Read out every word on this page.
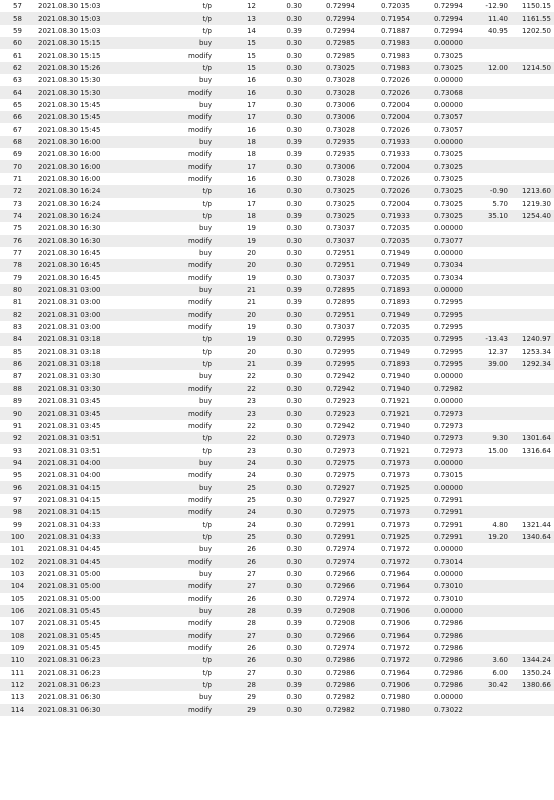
57	2021.08.30 15:03	t/p	12	0.30	0.72994	0.72035	0.72994	-12.90	1150.15
58	2021.08.30 15:03	t/p	13	0.30	0.72994	0.71954	0.72994	11.40	1161.55
59	2021.08.30 15:03	t/p	14	0.39	0.72994	0.71887	0.72994	40.95	1202.50
60	2021.08.30 15:15	buy	15	0.30	0.72985	0.71983	0.00000		
61	2021.08.30 15:15	modify	15	0.30	0.72985	0.71983	0.73025		
62	2021.08.30 15:26	t/p	15	0.30	0.73025	0.71983	0.73025	12.00	1214.50
63	2021.08.30 15:30	buy	16	0.30	0.73028	0.72026	0.00000		
64	2021.08.30 15:30	modify	16	0.30	0.73028	0.72026	0.73068		
65	2021.08.30 15:45	buy	17	0.30	0.73006	0.72004	0.00000		
66	2021.08.30 15:45	modify	17	0.30	0.73006	0.72004	0.73057		
67	2021.08.30 15:45	modify	16	0.30	0.73028	0.72026	0.73057		
68	2021.08.30 16:00	buy	18	0.39	0.72935	0.71933	0.00000		
69	2021.08.30 16:00	modify	18	0.39	0.72935	0.71933	0.73025		
70	2021.08.30 16:00	modify	17	0.30	0.73006	0.72004	0.73025		
71	2021.08.30 16:00	modify	16	0.30	0.73028	0.72026	0.73025		
72	2021.08.30 16:24	t/p	16	0.30	0.73025	0.72026	0.73025	-0.90	1213.60
73	2021.08.30 16:24	t/p	17	0.30	0.73025	0.72004	0.73025	5.70	1219.30
74	2021.08.30 16:24	t/p	18	0.39	0.73025	0.71933	0.73025	35.10	1254.40
75	2021.08.30 16:30	buy	19	0.30	0.73037	0.72035	0.00000		
76	2021.08.30 16:30	modify	19	0.30	0.73037	0.72035	0.73077		
77	2021.08.30 16:45	buy	20	0.30	0.72951	0.71949	0.00000		
78	2021.08.30 16:45	modify	20	0.30	0.72951	0.71949	0.73034		
79	2021.08.30 16:45	modify	19	0.30	0.73037	0.72035	0.73034		
80	2021.08.31 03:00	buy	21	0.39	0.72895	0.71893	0.00000		
81	2021.08.31 03:00	modify	21	0.39	0.72895	0.71893	0.72995		
82	2021.08.31 03:00	modify	20	0.30	0.72951	0.71949	0.72995		
83	2021.08.31 03:00	modify	19	0.30	0.73037	0.72035	0.72995		
84	2021.08.31 03:18	t/p	19	0.30	0.72995	0.72035	0.72995	-13.43	1240.97
85	2021.08.31 03:18	t/p	20	0.30	0.72995	0.71949	0.72995	12.37	1253.34
86	2021.08.31 03:18	t/p	21	0.39	0.72995	0.71893	0.72995	39.00	1292.34
87	2021.08.31 03:30	buy	22	0.30	0.72942	0.71940	0.00000		
88	2021.08.31 03:30	modify	22	0.30	0.72942	0.71940	0.72982		
89	2021.08.31 03:45	buy	23	0.30	0.72923	0.71921	0.00000		
90	2021.08.31 03:45	modify	23	0.30	0.72923	0.71921	0.72973		
91	2021.08.31 03:45	modify	22	0.30	0.72942	0.71940	0.72973		
92	2021.08.31 03:51	t/p	22	0.30	0.72973	0.71940	0.72973	9.30	1301.64
93	2021.08.31 03:51	t/p	23	0.30	0.72973	0.71921	0.72973	15.00	1316.64
94	2021.08.31 04:00	buy	24	0.30	0.72975	0.71973	0.00000		
95	2021.08.31 04:00	modify	24	0.30	0.72975	0.71973	0.73015		
96	2021.08.31 04:15	buy	25	0.30	0.72927	0.71925	0.00000		
97	2021.08.31 04:15	modify	25	0.30	0.72927	0.71925	0.72991		
98	2021.08.31 04:15	modify	24	0.30	0.72975	0.71973	0.72991		
99	2021.08.31 04:33	t/p	24	0.30	0.72991	0.71973	0.72991	4.80	1321.44
100	2021.08.31 04:33	t/p	25	0.30	0.72991	0.71925	0.72991	19.20	1340.64
101	2021.08.31 04:45	buy	26	0.30	0.72974	0.71972	0.00000		
102	2021.08.31 04:45	modify	26	0.30	0.72974	0.71972	0.73014		
103	2021.08.31 05:00	buy	27	0.30	0.72966	0.71964	0.00000		
104	2021.08.31 05:00	modify	27	0.30	0.72966	0.71964	0.73010		
105	2021.08.31 05:00	modify	26	0.30	0.72974	0.71972	0.73010		
106	2021.08.31 05:45	buy	28	0.39	0.72908	0.71906	0.00000		
107	2021.08.31 05:45	modify	28	0.39	0.72908	0.71906	0.72986		
108	2021.08.31 05:45	modify	27	0.30	0.72966	0.71964	0.72986		
109	2021.08.31 05:45	modify	26	0.30	0.72974	0.71972	0.72986		
110	2021.08.31 06:23	t/p	26	0.30	0.72986	0.71972	0.72986	3.60	1344.24
111	2021.08.31 06:23	t/p	27	0.30	0.72986	0.71964	0.72986	6.00	1350.24
112	2021.08.31 06:23	t/p	28	0.39	0.72986	0.71906	0.72986	30.42	1380.66
113	2021.08.31 06:30	buy	29	0.30	0.72982	0.71980	0.00000		
114	2021.08.31 06:30	modify	29	0.30	0.72982	0.71980	0.73022		
